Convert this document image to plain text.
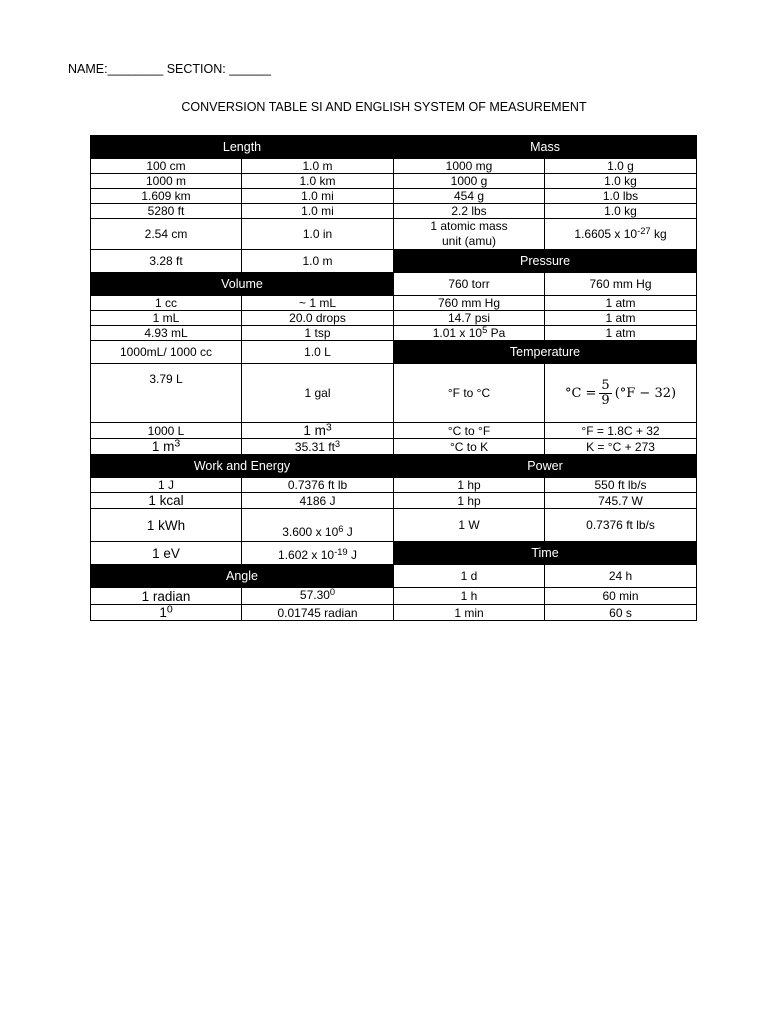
NAME:________ SECTION: ______
CONVERSION TABLE SI AND ENGLISH SYSTEM OF MEASUREMENT
Length		Mass	
100 cm	1.0 m	1000 mg	1.0 g
1000 m	1.0 km	1000 g	1.0 kg
1.609 km	1.0 mi	454 g	1.0 lbs
5280 ft	1.0 mi	2.2 lbs	1.0 kg
2.54 cm	1.0 in	1 atomic mass unit (amu)	1.6605 x $10^{-27}$ kg
3.28 ft	1.0 m	Pressure	
Volume		760 torr	760 mm Hg
1 cc	~ 1 mL	760 mm Hg	1 atm
1 mL	20.0 drops	14.7 psi	1 atm
4.93 mL	1 tsp	1.01 x $10^5$ Pa	1 atm
1000mL/ 1000 cc	1.0 L	Temperature	
3.79 L	1 gal	°F to °C	$^\circ C = \frac{5}{9} (^\circ F - 32)$

1000 L	1 $m^3$	°C to °F	°F = 1.8C + 32
1 $m^3$	35.31 $ft^3$	°C to K	K = °C + 273
Work and Energy		Power	
1 J	0.7376 ft lb	1 hp	550 ft lb/s
1 kcal	4186 J	1 hp	745.7 W
1 kWh	3.600 x $10^6$ J	1 W	0.7376 ft lb/s
1 eV	1.602 x $10^{-19}$ J	Time	
Angle		1 d	24 h
1 radian	57.30$^0$	1 h	60 min
$1^0$	0.01745 radian	1 min	60 s
